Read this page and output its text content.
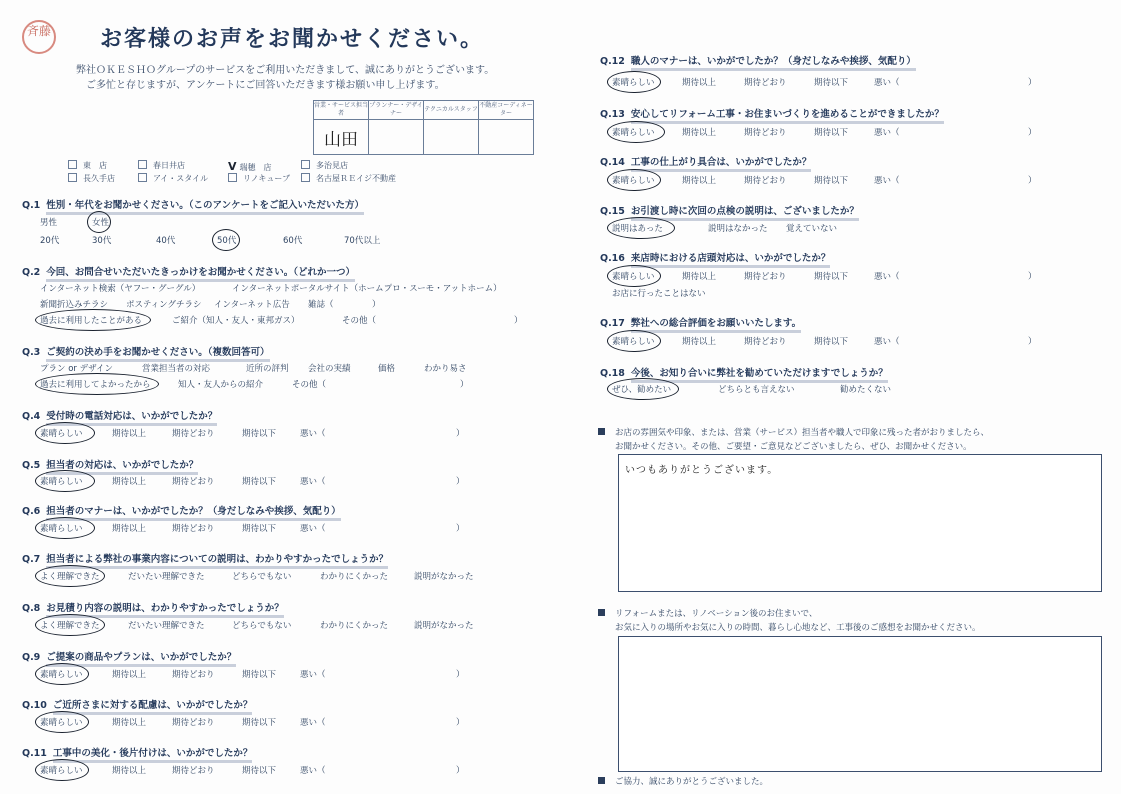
斉藤 お客様のお声をお聞かせください。
弊社ＯＫＥＳＨＯグループのサービスをご利用いただきまして、誠にありがとうございます。
ご多忙と存じますが、アンケートにご回答いただきます様お願い申し上げます。
営業・サービス担当者	プランナー・デザイナー	テクニカルスタッフ	不動産コーディネーター
山田			
東　店	春日井店	V 瑞穂　店	多治見店
長久手店	アイ・スタイル	リノキューブ	名古屋ＲＥイジ不動産
Q.1 性別・年代をお聞かせください。（このアンケートをご記入いただいた方）
男性	女性
20代	30代	40代	50代	60代	70代以上
Q.2 今回、お問合せいただいたきっかけをお聞かせください。（どれか一つ）
インターネット検索（ヤフー・グーグル）	インターネットポータルサイト（ホームプロ・スーモ・アットホーム）
新聞折込みチラシ ポスティングチラシ インターネット広告 雑誌（	）
過去に利用したことがある	ご紹介（知人・友人・東邦ガス）	その他（	）
Q.3 ご契約の決め手をお聞かせください。（複数回答可）
プラン or デザイン	営業担当者の対応	近所の評判 会社の実績	価格	わかり易さ
過去に利用してよかったから	知人・友人からの紹介	その他（	）
Q.4 受付時の電話対応は、いかがでしたか？
素晴らしい	期待以上	期待どおり	期待以下	悪い（	）
Q.5 担当者の対応は、いかがでしたか？
素晴らしい	期待以上	期待どおり	期待以下	悪い（	）
Q.6 担当者のマナーは、いかがでしたか？（身だしなみや挨拶、気配り）
素晴らしい	期待以上	期待どおり	期待以下	悪い（	）
Q.7 担当者による弊社の事業内容についての説明は、わかりやすかったでしょうか？
よく理解できた	だいたい理解できた	どちらでもない	わかりにくかった	説明がなかった
Q.8 お見積り内容の説明は、わかりやすかったでしょうか？
よく理解できた	だいたい理解できた	どちらでもない	わかりにくかった	説明がなかった
Q.9 ご提案の商品やプランは、いかがでしたか？
素晴らしい	期待以上	期待どおり	期待以下	悪い（	）
Q.10 ご近所さまに対する配慮は、いかがでしたか？
素晴らしい	期待以上	期待どおり	期待以下	悪い（	）
Q.11 工事中の美化・後片付けは、いかがでしたか？
素晴らしい	期待以上	期待どおり	期待以下	悪い（	）
Q.12 職人のマナーは、いかがでしたか？（身だしなみや挨拶、気配り）
素晴らしい	期待以上	期待どおり	期待以下	悪い（	）
Q.13 安心してリフォーム工事・お住まいづくりを進めることができましたか？
素晴らしい	期待以上	期待どおり	期待以下	悪い（	）
Q.14 工事の仕上がり具合は、いかがでしたか？
素晴らしい	期待以上	期待どおり	期待以下	悪い（	）
Q.15 お引渡し時に次回の点検の説明は、ございましたか？
説明はあった	説明はなかった 覚えていない
Q.16 来店時における店頭対応は、いかがでしたか？
素晴らしい	期待以上	期待どおり	期待以下	悪い（	）
お店に行ったことはない
Q.17 弊社への総合評価をお願いいたします。
素晴らしい	期待以上	期待どおり	期待以下	悪い（	）
Q.18 今後、お知り合いに弊社を勧めていただけますでしょうか？
ぜひ、勧めたい	どちらとも言えない	勧めたくない
お店の雰囲気や印象、または、営業（サービス）担当者や職人で印象に残った者がおりましたら、
お聞かせください。その他、ご要望・ご意見などございましたら、ぜひ、お聞かせください。
いつもありがとうございます。
リフォームまたは、リノベーション後のお住まいで、
お気に入りの場所やお気に入りの時間、暮らし心地など、工事後のご感想をお聞かせください。
ご協力、誠にありがとうございました。
